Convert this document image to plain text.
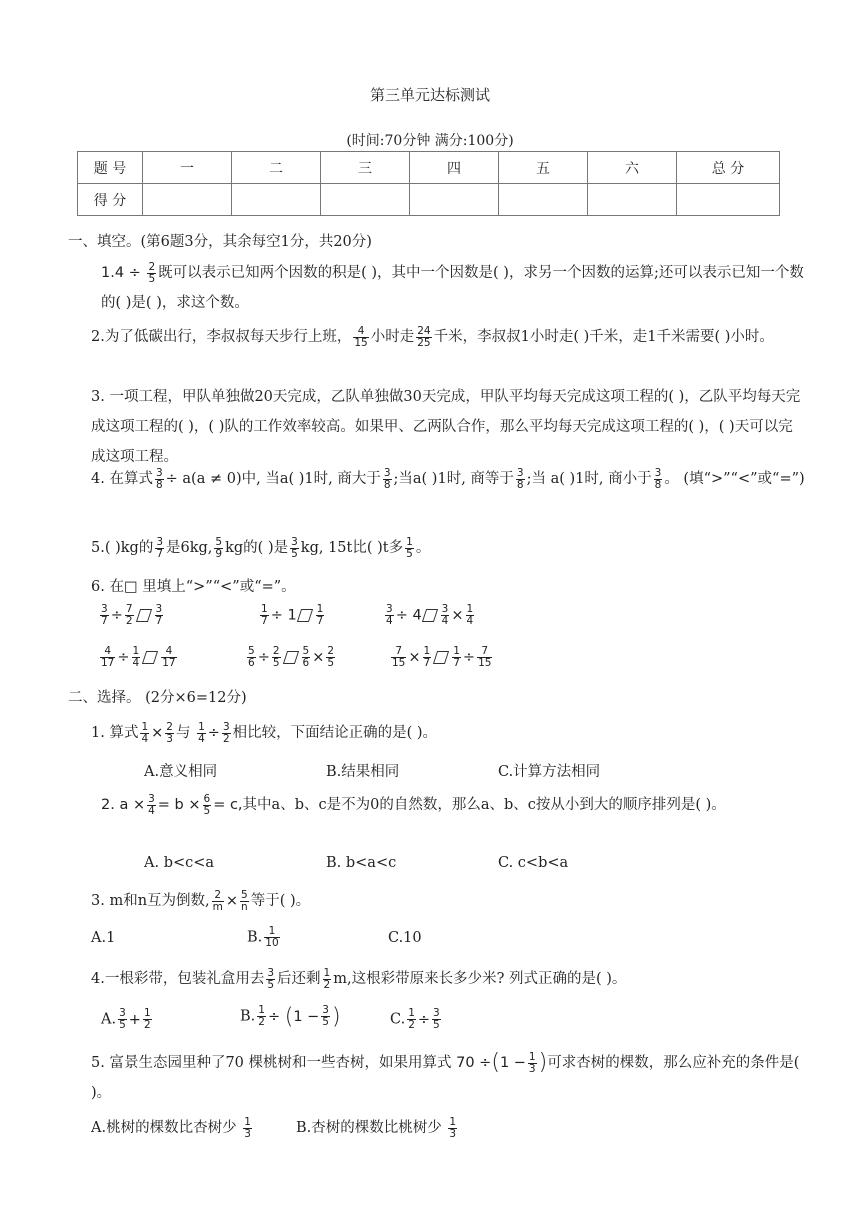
第三单元达标测试
(时间:70分钟 满分:100分)
题 号	一	二	三	四	五	六	总 分
得 分							
一、填空。(第6题3分，其余每空1分，共20分)
$1.4 \div \frac{2}{5}$ 既可以表示已知两个因数的积是( )，其中一个因数是( )，求另一个因数的运算;还可以表示已知一个数的( )是( )，求这个数。
2.为了低碳出行，李叔叔每天步行上班， $\frac{4}{15}$ 小时走 $\frac{24}{25}$ 千米，李叔叔1小时走( )千米，走1千米需要( )小时。
3. 一项工程，甲队单独做20天完成，乙队单独做30天完成，甲队平均每天完成这项工程的( )，乙队平均每天完成这项工程的( )，( )队的工作效率较高。如果甲、乙两队合作，那么平均每天完成这项工程的( )，( )天可以完成这项工程。
4. 在算式 $\frac{3}{8} \div a(a \ne 0)$中, 当a( )1时, 商大于 $\frac{3}{8}$ ;当a( )1时, 商等于 $\frac{3}{8}$ ;当 a( )1时, 商小于 $\frac{3}{8}$ 。 (填“>”“<”或“=”)
5.( )kg的 $\frac{3}{7}$ 是6kg, $\frac{5}{9}$ kg的( )是 $\frac{3}{5}$ kg, 15t比( )t多 $\frac{1}{5}$ 。
6. 在□ 里填上“>”“<”或“=”。
$\frac{3}{7} \div \frac{7}{2} \frac{3}{7}$	$\frac{1}{7} \div 1 \frac{1}{7}$	$\frac{3}{4} \div 4 \frac{3}{4} \times \frac{1}{4}$
$\frac{4}{17} \div \frac{1}{4} \frac{4}{17}$	$\frac{5}{6} \div \frac{2}{5} \frac{5}{6} \times \frac{2}{5}$	$\frac{7}{15} \times \frac{1}{7} \frac{1}{7} \div \frac{7}{15}$
二、选择。 (2分×6=12分)
1. 算式 $\frac{1}{4} \times \frac{2}{3}$ 与 $\frac{1}{4} \div \frac{3}{2}$ 相比较，下面结论正确的是( )。
A.意义相同	B.结果相同	C.计算方法相同
2. $a \times \frac{3}{4} = b \times \frac{6}{5} = c$,其中a、b、c是不为0的自然数，那么a、b、c按从小到大的顺序排列是( )。
A. b<c<a	B. b<a<c	C. c<b<a
3. m和n互为倒数, $\frac{2}{m} \times \frac{5}{n}$ 等于( )。
A.1	B. $\frac{1}{10}$	C.10
4.一根彩带，包装礼盒用去 $\frac{3}{5}$ 后还剩 $\frac{1}{2} m$,这根彩带原来长多少米? 列式正确的是( )。
A. $\frac{3}{5} + \frac{1}{2}$	B. $\frac{1}{2} \div (1 - \frac{3}{5}$ )	C. $\frac{1}{2} \div \frac{3}{5}$
5. 富景生态园里种了70 棵桃树和一些杏树，如果用算式 $70 \div(1 - \frac{1}{3}$ )可求杏树的棵数，那么应补充的条件是( )。
A.桃树的棵数比杏树少 $\frac{1}{3}$	B.杏树的棵数比桃树少 $\frac{1}{3}$
